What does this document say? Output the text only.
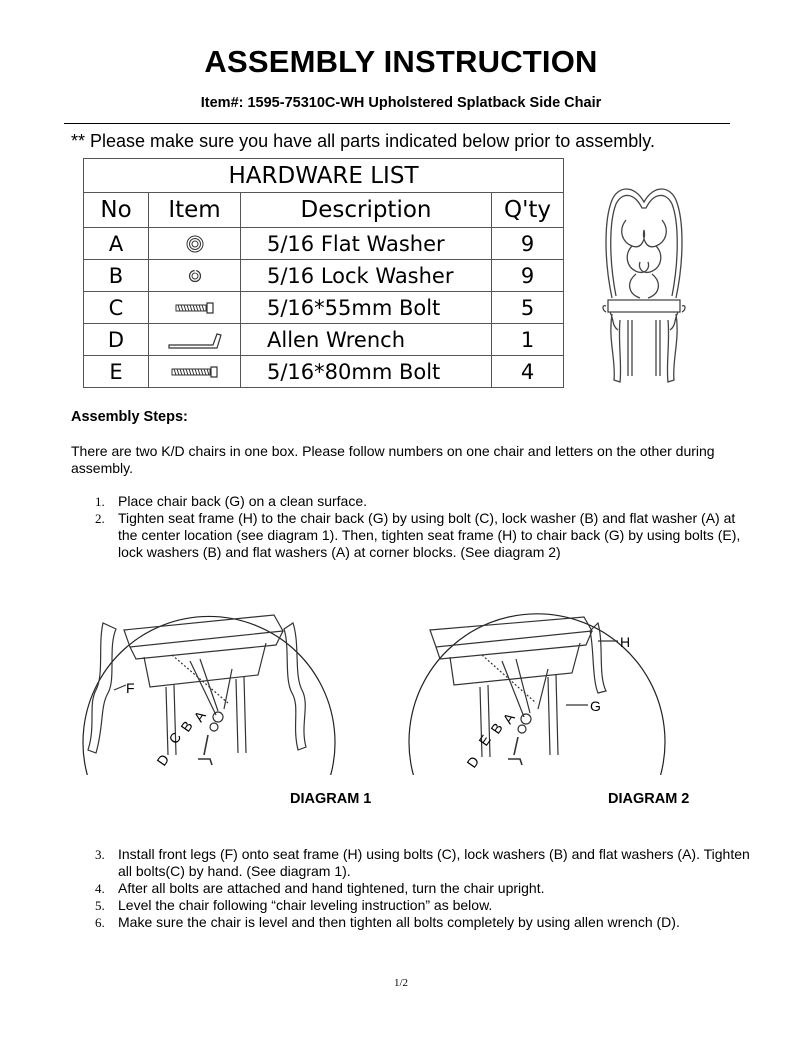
ASSEMBLY INSTRUCTION
Item#: 1595-75310C-WH Upholstered Splatback Side Chair
** Please make sure you have all parts indicated below prior to assembly.
HARDWARE LIST			
No	Item	Description	Q'ty
A		5/16 Flat Washer	9
B		5/16 Lock Washer	9
C		5/16*55mm Bolt	5
D		Allen Wrench	1
E		5/16*80mm Bolt	4
Assembly Steps:
There are two K/D chairs in one box. Please follow numbers on one chair and letters on the other during assembly.
1. Place chair back (G) on a clean surface.
2. Tighten seat frame (H) to the chair back (G) by using bolt (C), lock washer (B) and flat washer (A) at the center location (see diagram 1). Then, tighten seat frame (H) to chair back (G) by using bolts (E), lock washers (B) and flat washers (A) at corner blocks. (See diagram 2)
F
A
B
C
D
H
G
A
B
E
D
DIAGRAM 1	DIAGRAM 2
3. Install front legs (F) onto seat frame (H) using bolts (C), lock washers (B) and flat washers (A). Tighten all bolts(C) by hand. (See diagram 1).
4. After all bolts are attached and hand tightened, turn the chair upright.
5. Level the chair following “chair leveling instruction” as below.
6. Make sure the chair is level and then tighten all bolts completely by using allen wrench (D).
1/2
